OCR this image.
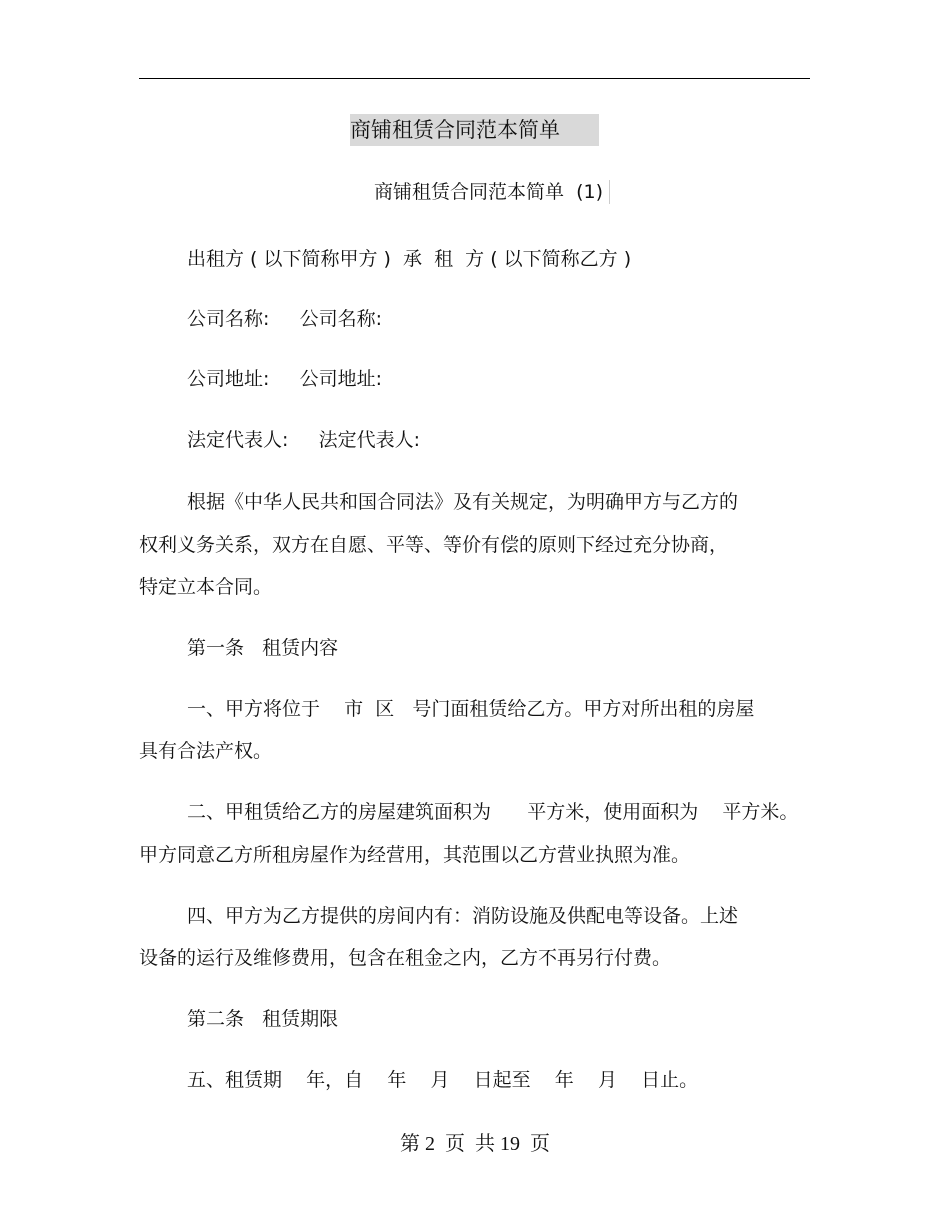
商铺租赁合同范本简单
商铺租赁合同范本简单  (1)
出租方 ( 以下简称甲方 )  承  租  方 ( 以下简称乙方 )
公司名称:     公司名称:
公司地址:     公司地址:
法定代表人:     法定代表人:
根据《中华人民共和国合同法》及有关规定，为明确甲方与乙方的
权利义务关系，双方在自愿、平等、等价有偿的原则下经过充分协商，
特定立本合同。
第一条   租赁内容
一、甲方将位于    市  区   号门面租赁给乙方。甲方对所出租的房屋
具有合法产权。
二、甲租赁给乙方的房屋建筑面积为      平方米，使用面积为    平方米。
甲方同意乙方所租房屋作为经营用，其范围以乙方营业执照为准。
四、甲方为乙方提供的房间内有：消防设施及供配电等设备。上述
设备的运行及维修费用，包含在租金之内，乙方不再另行付费。
第二条   租赁期限
五、租赁期    年，自    年    月    日起至    年    月    日止。
第 2  页  共 19  页
